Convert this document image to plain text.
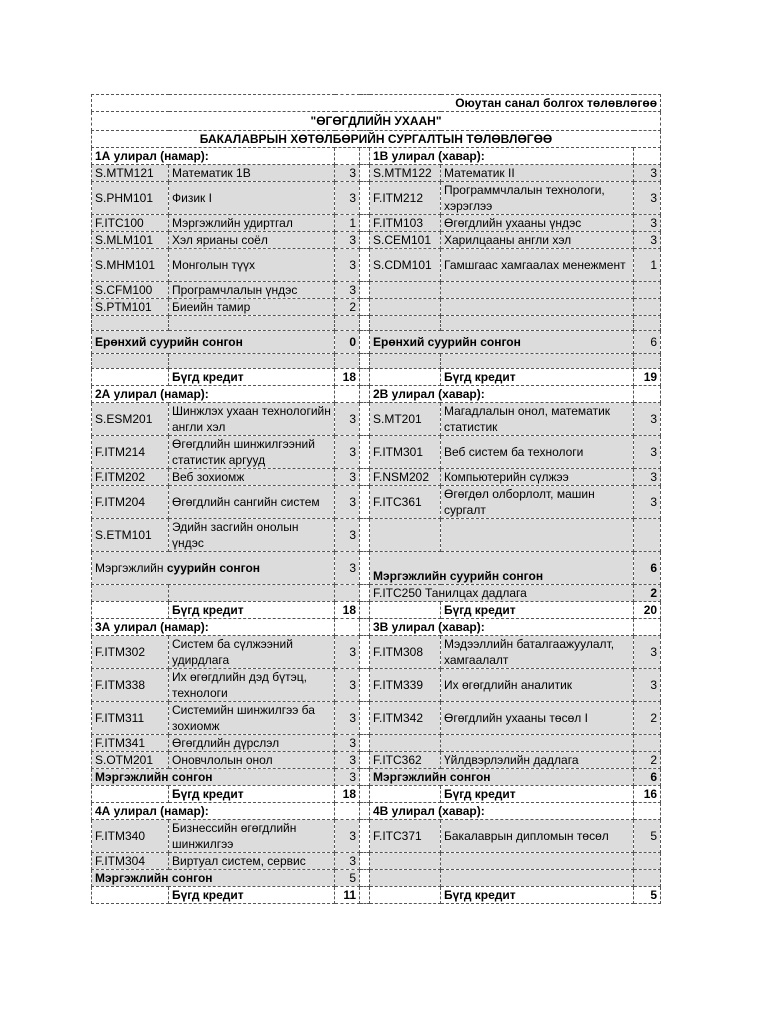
Оюутан санал болгох төлөвлөгөө						
"ӨГӨГДЛИЙН УХААН"						
БАКАЛАВРЫН ХӨТӨЛБӨРИЙН СУРГАЛТЫН ТӨЛӨВЛӨГӨӨ						
1А улирал (намар):				1В улирал (хавар):		
S.MTM121	Математик 1В	3		S.MTM122	Математик II	3
S.PHM101	Физик I	3		F.ITM212	Программчлалын технологи, хэрэглээ	3
F.ITC100	Мэргэжлийн удиртгал	1		F.ITM103	Өгөгдлийн ухааны үндэс	3
S.MLM101	Хэл ярианы соёл	3		S.CEM101	Харилцааны англи хэл	3
S.MHM101	Монголын түүх	3		S.CDM101	Гамшгаас хамгаалах менежмент	1
S.CFM100	Програмчлалын үндэс	3				
S.PTM101	Биеийн тамир	2				

Ерөнхий суурийн сонгон		0		Ерөнхий суурийн сонгон		6

	Бүгд кредит	18			Бүгд кредит	19
2А улирал (намар):				2В улирал (хавар):		
S.ESM201	Шинжлэх ухаан технологийн англи хэл	3		S.MT201	Магадлалын онол, математик статистик	3
F.ITM214	Өгөгдлийн шинжилгээний статистик аргууд	3		F.ITM301	Веб систем ба технологи	3
F.ITM202	Веб зохиомж	3		F.NSM202	Компьютерийн сүлжээ	3
F.ITM204	Өгөгдлийн сангийн систем	3		F.ITC361	Өгөгдөл олборлолт, машин сургалт	3
S.ETM101	Эдийн засгийн онолын үндэс	3				
Мэргэжлийн суурийн сонгон		3		Мэргэжлийн суурийн сонгон		6
				F.ITC250 Танилцах дадлага		2
	Бүгд кредит	18			Бүгд кредит	20
3А улирал (намар):				3В улирал (хавар):		
F.ITM302	Систем ба сүлжээний удирдлага	3		F.ITM308	Мэдээллийн баталгаажуулалт, хамгаалалт	3
F.ITM338	Их өгөгдлийн дэд бүтэц, технологи	3		F.ITM339	Их өгөгдлийн аналитик	3
F.ITM311	Системийн шинжилгээ ба зохиомж	3		F.ITM342	Өгөгдлийн ухааны төсөл I	2
F.ITM341	Өгөгдлийн дүрслэл	3				
S.OTM201	Оновчлолын онол	3		F.ITC362	Үйлдвэрлэлийн дадлага	2
Мэргэжлийн сонгон		3		Мэргэжлийн сонгон		6
	Бүгд кредит	18			Бүгд кредит	16
4А улирал (намар):				4В улирал (хавар):		
F.ITM340	Бизнессийн өгөгдлийн шинжилгээ	3		F.ITC371	Бакалаврын дипломын төсөл	5
F.ITM304	Виртуал систем, сервис	3				
Мэргэжлийн сонгон		5				
	Бүгд кредит	11			Бүгд кредит	5
